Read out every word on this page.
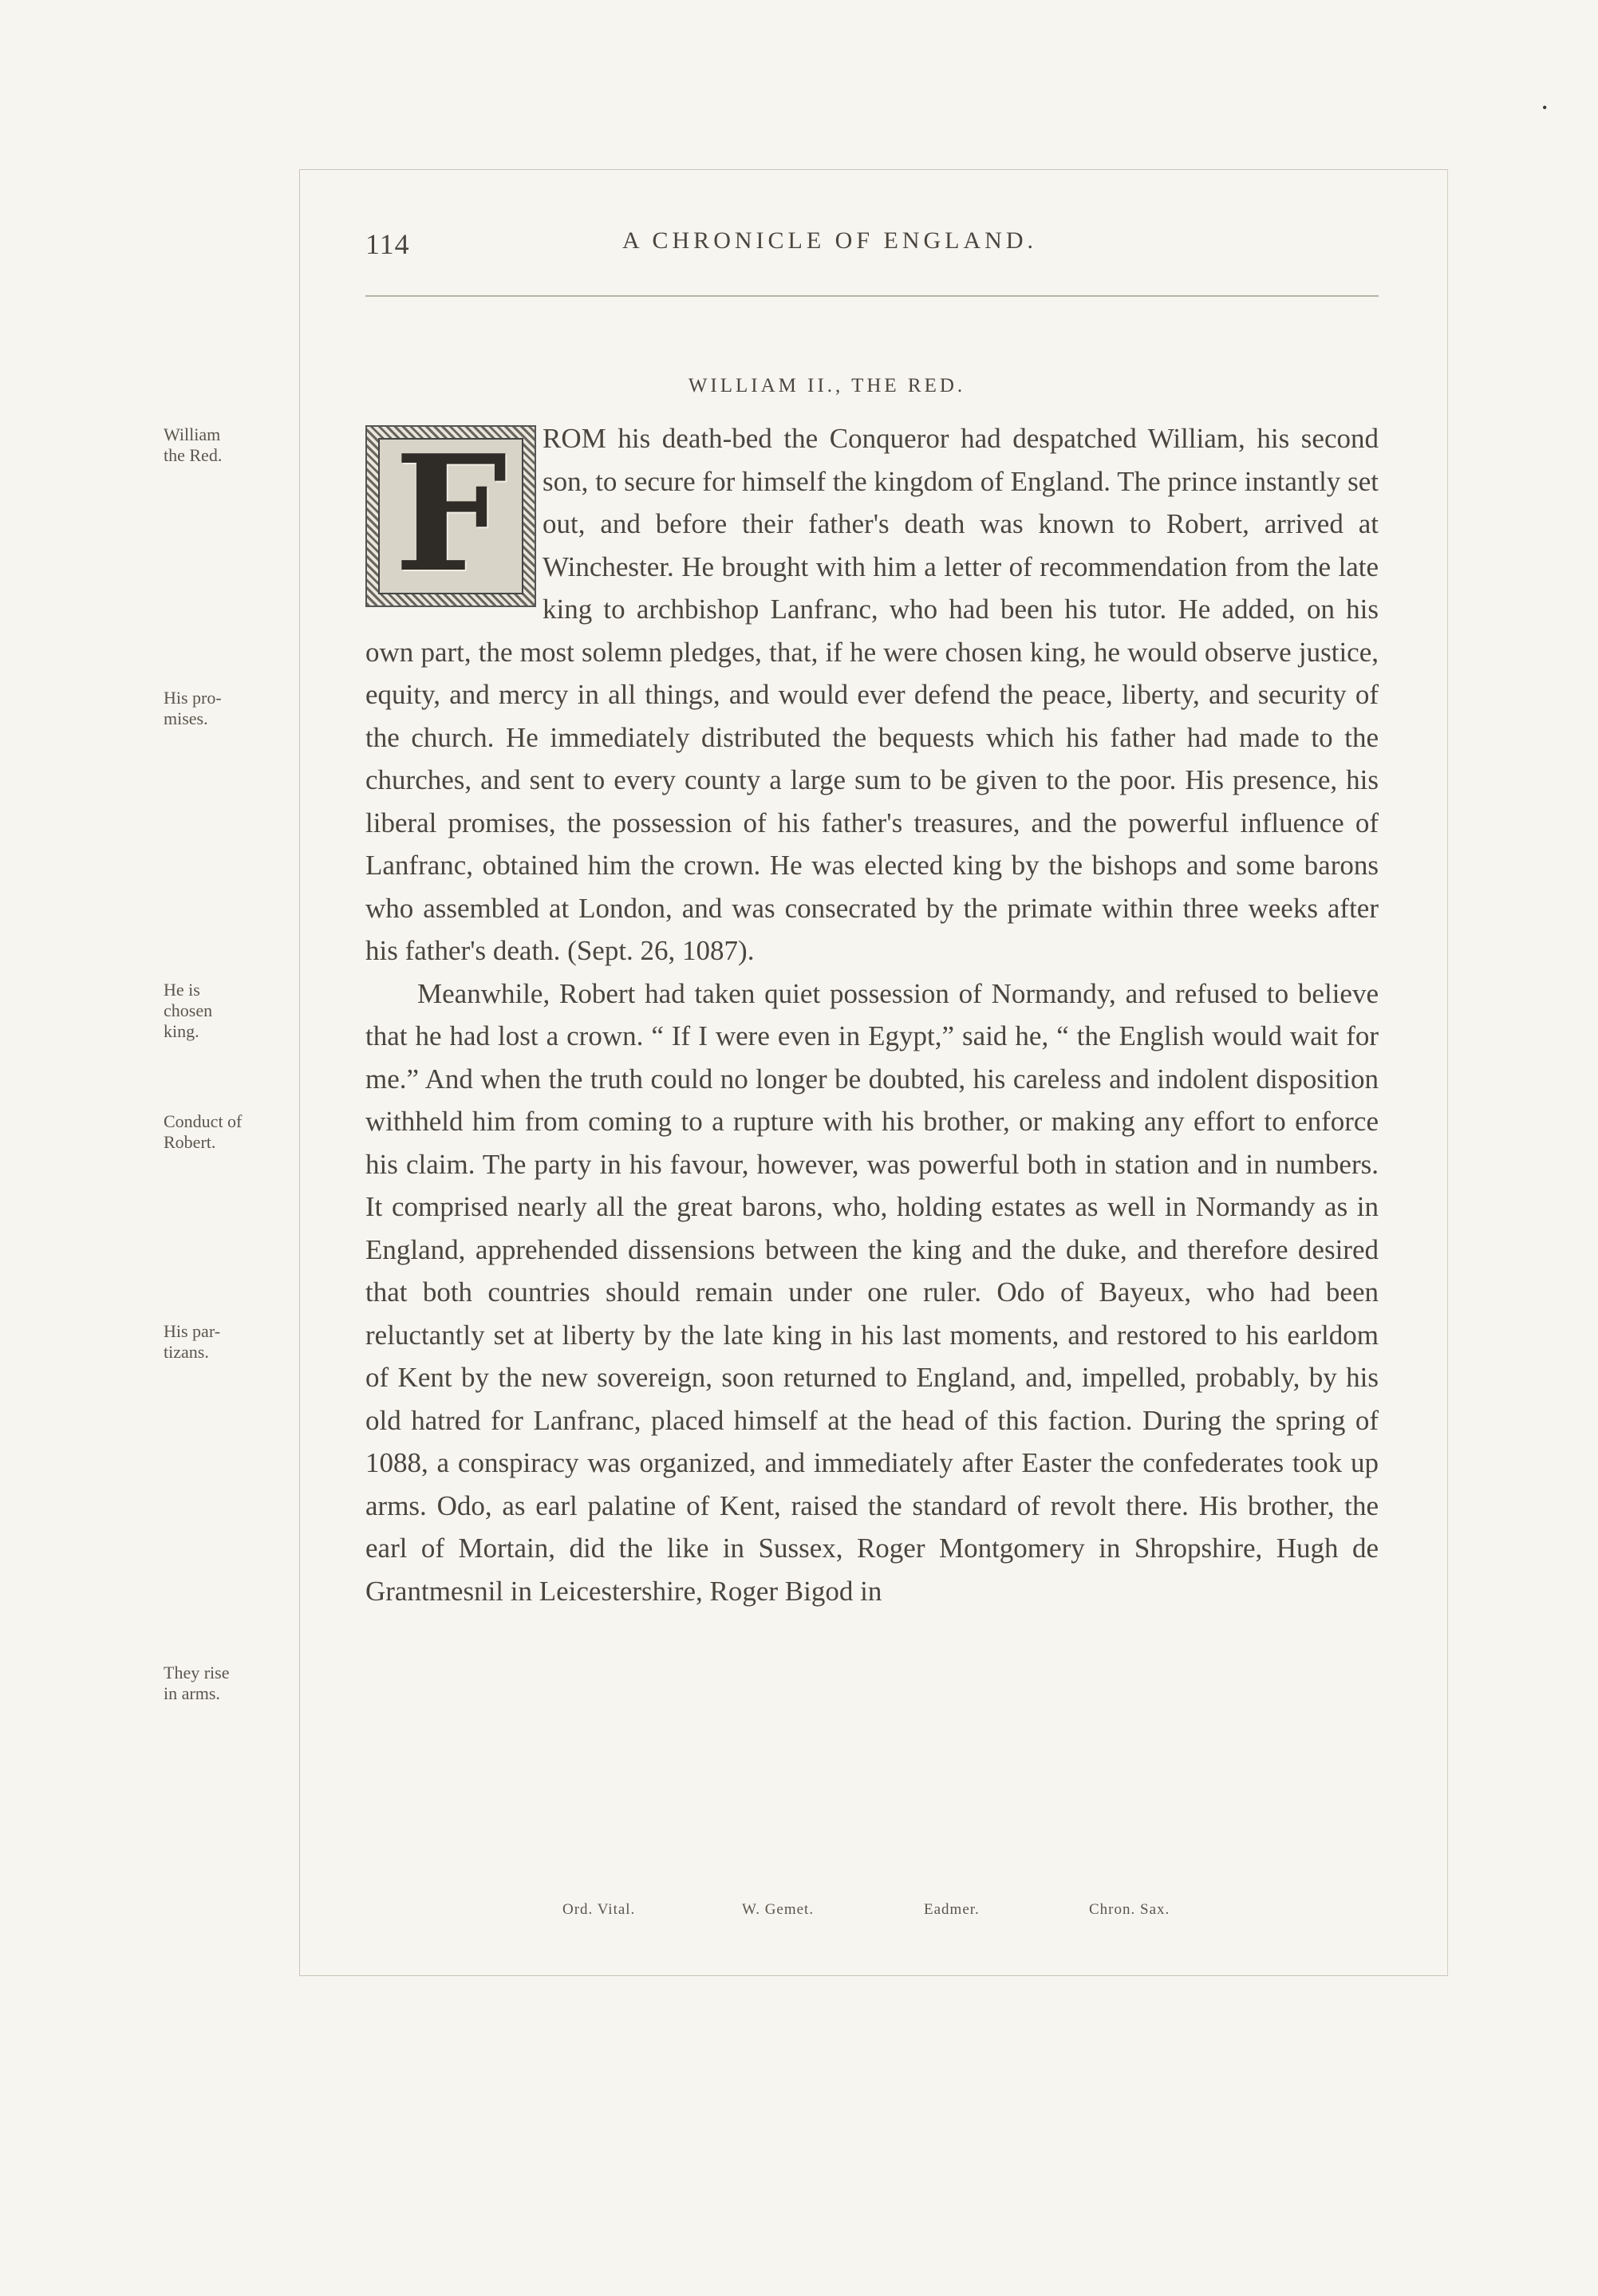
•
114	A CHRONICLE OF ENGLAND.
WILLIAM II., THE RED.
F	ROM his death-bed the Conqueror had despatched William, his second son, to secure for himself the kingdom of England. The prince instantly set out, and before their father's death was known to Robert, arrived at Winchester. He brought with him a letter of recommendation from the late king to archbishop Lanfranc, who had been his tutor. He added, on his own part, the most solemn pledges, that, if he were chosen king, he would observe justice, equity, and mercy in all things, and would ever defend the peace, liberty, and security of the church. He immediately distributed the bequests which his father had made to the churches, and sent to every county a large sum to be given to the poor. His presence, his liberal promises, the possession of his father's treasures, and the powerful influence of Lanfranc, obtained him the crown. He was elected king by the bishops and some barons who assembled at London, and was consecrated by the primate within three weeks after his father's death. (Sept. 26, 1087).

Meanwhile, Robert had taken quiet possession of Normandy, and refused to believe that he had lost a crown. “ If I were even in Egypt,” said he, “ the English would wait for me.” And when the truth could no longer be doubted, his careless and indolent disposition withheld him from coming to a rupture with his brother, or making any effort to enforce his claim. The party in his favour, however, was powerful both in station and in numbers. It comprised nearly all the great barons, who, holding estates as well in Normandy as in England, apprehended dissensions between the king and the duke, and therefore desired that both countries should remain under one ruler. Odo of Bayeux, who had been reluctantly set at liberty by the late king in his last moments, and restored to his earldom of Kent by the new sovereign, soon returned to England, and, impelled, probably, by his old hatred for Lanfranc, placed himself at the head of this faction. During the spring of 1088, a conspiracy was organized, and immediately after Easter the confederates took up arms. Odo, as earl palatine of Kent, raised the standard of revolt there. His brother, the earl of Mortain, did the like in Sussex, Roger Montgomery in Shropshire, Hugh de Grantmesnil in Leicestershire, Roger Bigod in

William
the Red.
His pro-
mises.
He is
chosen
king.
Conduct of
Robert.
His par-
tizans.
They rise
in arms.
Ord. Vital.	W. Gemet.	Eadmer.	Chron. Sax.
